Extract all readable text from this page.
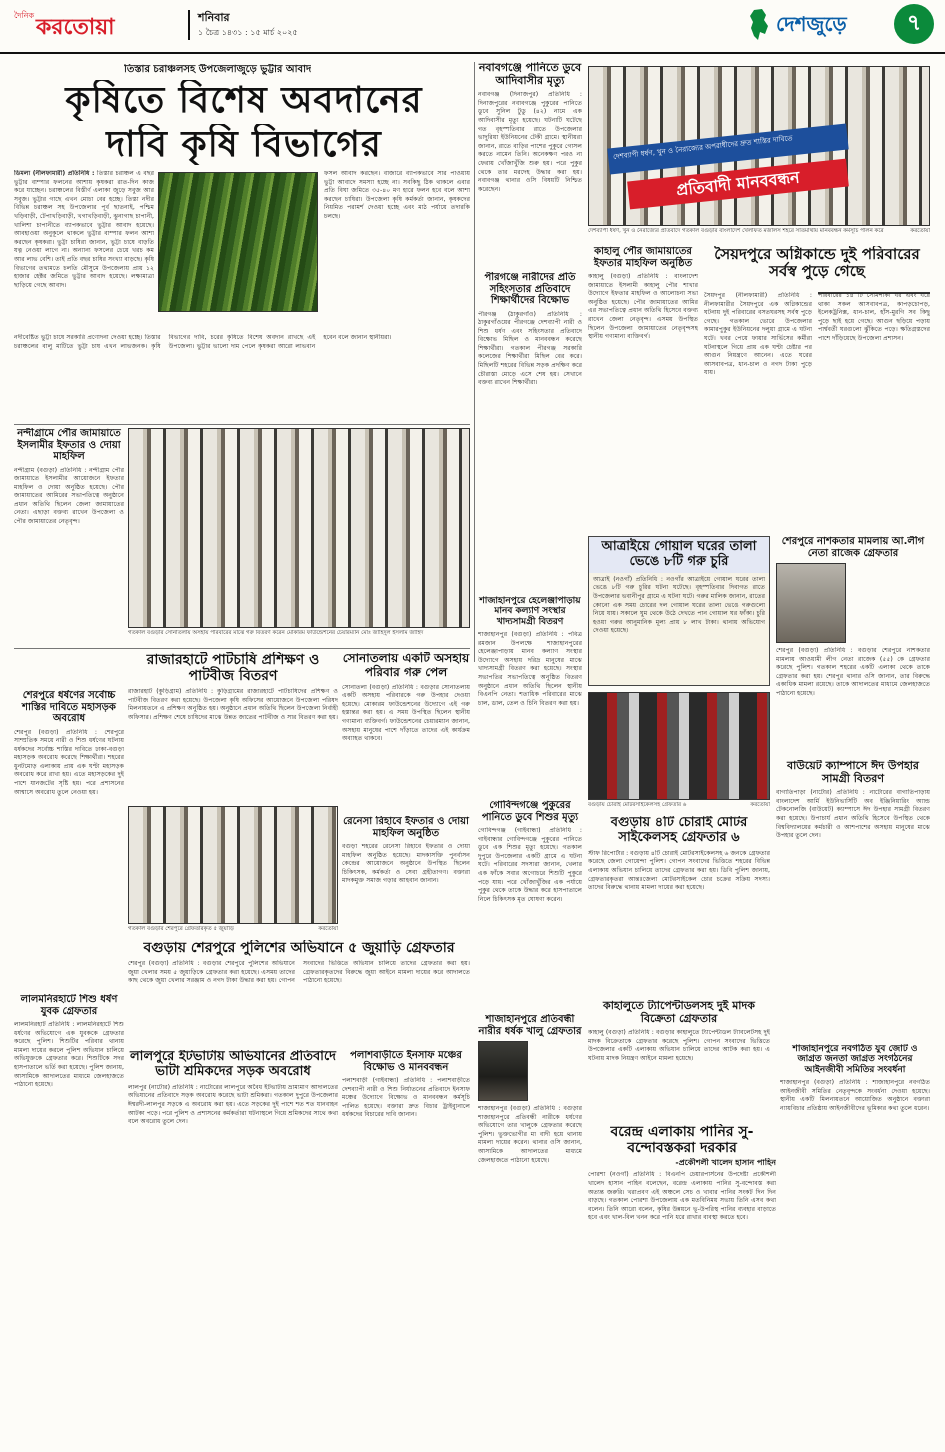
দৈনিক করতোয়া	শনিবার
১ চৈত্র ১৪৩১ : ১৫ মার্চ ২০২৫	দেশজুড়ে	৭
তিস্তার চরাঞ্চলসহ উপজেলাজুড়ে ভুট্টার আবাদ
কৃষিতে বিশেষ অবদানের
দাবি কৃষি বিভাগের
ডিমলা (নীলফামারী) প্রতিনিধি : তিস্তার চরাঞ্চল এ বছর ভুট্টার বাম্পার ফলনের আশায় কৃষকরা রাত-দিন কাজ করে যাচ্ছেন। চরাঞ্চলের বিস্তীর্ণ এলাকা জুড়ে সবুজ আর সবুজ। ভুট্টার গাছে এখন মোচা বের হচ্ছে। তিস্তা নদীর বিভিন্ন চরাঞ্চল সহ উপজেলার পূর্ব ছাতনাই, পশ্চিম খড়িবাড়ী, টেপাখড়িবাড়ী, খগাখড়িবাড়ী, ঝুনাগাছ চাপানী, খালিশা চাপানীতে ব্যাপকভাবে ভুট্টার আবাদ হয়েছে। আবহাওয়া অনুকূলে থাকলে ভুট্টার বাম্পার ফলন আশা করছেন কৃষকরা। ভুট্টা চাষিরা জানান, ভুট্টা চাষে বাড়তি যত্ন নেওয়া লাগে না। অন্যান্য ফসলের চেয়ে খরচ কম আর লাভ বেশি। তাই প্রতি বছর চাষির সংখ্যা বাড়ছে। কৃষি বিভাগের তথ্যমতে চলতি মৌসুমে উপজেলায় প্রায় ১২ হাজার হেক্টর জমিতে ভুট্টার আবাদ হয়েছে। লক্ষ্যমাত্রা ছাড়িয়ে গেছে আবাদ।
ফসল আবাদ করছেন। বাজারে ব্যাপকভাবে সার পাওয়ায় ভুট্টা আবাদে সমস্যা হচ্ছে না। সবকিছু ঠিক থাকলে এবার প্রতি বিঘা জমিতে ৩৫-৪০ মণ হারে ফলন হবে বলে আশা করছেন চাষিরা। উপজেলা কৃষি কর্মকর্তা জানান, কৃষকদের নিয়মিত পরামর্শ দেওয়া হচ্ছে এবং মাঠ পর্যায়ে তদারকি চলছে।
নদীবেষ্টিত ভুট্টা চাষে সরকারি প্রণোদনা দেওয়া হচ্ছে। তিস্তার চরাঞ্চলের বালু মাটিতে ভুট্টা চাষ এখন লাভজনক। কৃষি বিভাগের দাবি, চরের কৃষিতে বিশেষ অবদান রাখছে এই উপজেলা। ভুট্টার ভালো দাম পেলে কৃষকরা আরো লাভবান হবেন বলে জানান স্থানীয়রা।
নবাবগঞ্জে পানিতে ডুবে আদিবাসীর মৃত্যু
নবাবগঞ্জ (দিনাজপুর) প্রতিনিধি : দিনাজপুরের নবাবগঞ্জে পুকুরের পানিতে ডুবে সুনিল টুডু (৪২) নামে এক আদিবাসীর মৃত্যু হয়েছে। ঘটনাটি ঘটেছে গত বৃহস্পতিবার রাতে উপজেলার ভাদুরিয়া ইউনিয়নের টেকী গ্রামে। স্থানীয়রা জানান, রাতে বাড়ির পাশের পুকুরে গোসল করতে নামেন তিনি। অনেকক্ষণ পরও না ফেরায় খোঁজাখুঁজি শুরু হয়। পরে পুকুর থেকে তার মরদেহ উদ্ধার করা হয়। নবাবগঞ্জ থানার ওসি বিষয়টি নিশ্চিত করেছেন।
দেশব্যাপী ধর্ষণ, খুন ও নৈরাজ্যের অপরাধীদের দ্রুত শাস্তির দাবিতে
প্রতিবাদী মানববন্ধন
দেশব্যাপী ধর্ষণ, খুন ও নৈরাজ্যের প্রতিবাদে গতকাল বগুড়ার বাংলাদেশ খেলাফত মজলিস শহরে সাতমাথায় মানববন্ধন কর্মসূচি পালন করে	করতোয়া
কাহালু পৌর জামায়াতের ইফতার মাহফিল অনুষ্ঠিত
কাহালু (বগুড়া) প্রতিনিধি : বাংলাদেশ জামায়াতে ইসলামী কাহালু পৌর শাখার উদ্যোগে ইফতার মাহফিল ও আলোচনা সভা অনুষ্ঠিত হয়েছে। পৌর জামায়াতের আমির এর সভাপতিত্বে প্রধান অতিথি হিসেবে বক্তব্য রাখেন জেলা নেতৃবৃন্দ। এসময় উপস্থিত ছিলেন উপজেলা জামায়াতের নেতৃবৃন্দসহ স্থানীয় গণ্যমান্য ব্যক্তিবর্গ।
সৈয়দপুরে অগ্নিকান্ডে দুই পরিবারের সর্বস্ব পুড়ে গেছে
সৈয়দপুর (নীলফামারী) প্রতিনিধি : নীলফামারীর সৈয়দপুরে এক অগ্নিকান্ডের ঘটনায় দুই পরিবারের বসতঘরসহ সর্বস্ব পুড়ে গেছে। গতকাল ভোরে উপজেলার কামারপুকুর ইউনিয়নের দলুয়া গ্রামে এ ঘটনা ঘটে। খবর পেয়ে ফায়ার সার্ভিসের কর্মীরা ঘটনাস্থলে গিয়ে প্রায় এক ঘণ্টা চেষ্টার পর আগুন নিয়ন্ত্রণে আনেন। এতে ঘরের আসবাবপত্র, ধান-চাল ও নগদ টাকা পুড়ে যায়।
পরিবারের ১৪ টি সেমিপাকা ঘর এবং ঘরে থাকা সকল আসবাবপত্র, কাপড়চোপড়, ইলেকট্রনিক্স, ধান-চাল, হাঁস-মুরগি সব কিছু পুড়ে ছাই হয়ে গেছে। আগুন ছড়িয়ে পড়ায় পার্শ্ববর্তী ঘরগুলো ঝুঁকিতে পড়ে। ক্ষতিগ্রস্তদের পাশে দাঁড়িয়েছে উপজেলা প্রশাসন।
নন্দীগ্রামে পৌর জামায়াতে ইসলামীর ইফতার ও দোয়া মাহফিল
নন্দীগ্রাম (বগুড়া) প্রতিনিধি : নন্দীগ্রাম পৌর জামায়াতে ইসলামীর আয়োজনে ইফতার মাহফিল ও দোয়া অনুষ্ঠিত হয়েছে। পৌর জামায়াতের আমিরের সভাপতিত্বে অনুষ্ঠানে প্রধান অতিথি ছিলেন জেলা জামায়াতের নেতা। এছাড়া বক্তব্য রাখেন উপজেলা ও পৌর জামায়াতের নেতৃবৃন্দ।
গতকাল বগুড়ার সোনাতলায় অসহায় পরিবারের মাঝে গরু বিতরণ করেন মোকারম ফাউন্ডেশনের চেয়ারম্যান মোঃ জাহিদুল ইসলাম জাহিদ
পীরগঞ্জে নারীদের প্রতি সহিংসতার প্রতিবাদে শিক্ষার্থীদের বিক্ষোভ
পীরগঞ্জ (ঠাকুরগাঁও) প্রতিনিধি : ঠাকুরগাঁওয়ের পীরগঞ্জে দেশব্যাপী নারী ও শিশু ধর্ষণ এবং সহিংসতার প্রতিবাদে বিক্ষোভ মিছিল ও মানববন্ধন করেছে শিক্ষার্থীরা। গতকাল পীরগঞ্জ সরকারি কলেজের শিক্ষার্থীরা মিছিল বের করে। মিছিলটি শহরের বিভিন্ন সড়ক প্রদক্ষিণ করে চৌরাস্তা মোড়ে এসে শেষ হয়। সেখানে বক্তব্য রাখেন শিক্ষার্থীরা।
শাজাহানপুরে হেলেঞ্জাপাড়ায় মানব কল্যাণ সংস্থার খাদ্যসামগ্রী বিতরণ
শাজাহানপুর (বগুড়া) প্রতিনিধি : পবিত্র রমজান উপলক্ষে শাজাহানপুরের হেলেঞ্জাপাড়ায় মানব কল্যাণ সংস্থার উদ্যোগে অসহায় দরিদ্র মানুষের মাঝে খাদ্যসামগ্রী বিতরণ করা হয়েছে। সংস্থার সভাপতির সভাপতিত্বে অনুষ্ঠিত বিতরণ অনুষ্ঠানে প্রধান অতিথি ছিলেন স্থানীয় বিএনপি নেতা। শতাধিক পরিবারের মাঝে চাল, ডাল, তেল ও চিনি বিতরণ করা হয়।
আত্রাইয়ে গোয়াল ঘরের তালা ভেঙে ৮টি গরু চুরি
আত্রাই (নওগাঁ) প্রতিনিধি : নওগাঁর আত্রাইয়ে গোয়াল ঘরের তালা ভেঙে ৮টি গরু চুরির ঘটনা ঘটেছে। বৃহস্পতিবার দিবাগত রাতে উপজেলার ভবানীপুর গ্রামে এ ঘটনা ঘটে। গরুর মালিক জানান, রাতের কোনো এক সময় চোরের দল গোয়াল ঘরের তালা ভেঙে গরুগুলো নিয়ে যায়। সকালে ঘুম থেকে উঠে দেখতে পান গোয়াল ঘর ফাঁকা। চুরি হওয়া গরুর আনুমানিক মূল্য প্রায় ৮ লাখ টাকা। থানায় অভিযোগ দেওয়া হয়েছে।
শেরপুরে নাশকতার মামলায় আ.লীগ নেতা রাজেক গ্রেফতার
শেরপুর (বগুড়া) প্রতিনিধি : বগুড়ার শেরপুরে নাশকতার মামলায় আওয়ামী লীগ নেতা রাজেক (৫৫) কে গ্রেফতার করেছে পুলিশ। গতকাল শহরের একটি এলাকা থেকে তাকে গ্রেফতার করা হয়। শেরপুর থানার ওসি জানান, তার বিরুদ্ধে একাধিক মামলা রয়েছে। তাকে আদালতের মাধ্যমে জেলহাজতে পাঠানো হয়েছে।
রাজারহাটে পাটচাষি প্রশিক্ষণ ও পাটবীজ বিতরণ
রাজারহাট (কুড়িগ্রাম) প্রতিনিধি : কুড়িগ্রামের রাজারহাটে পাটচাষিদের প্রশিক্ষণ ও পাটবীজ বিতরণ করা হয়েছে। উপজেলা কৃষি অফিসের আয়োজনে উপজেলা পরিষদ মিলনায়তনে এ প্রশিক্ষণ অনুষ্ঠিত হয়। অনুষ্ঠানে প্রধান অতিথি ছিলেন উপজেলা নির্বাহী অফিসার। প্রশিক্ষণ শেষে চাষিদের মাঝে উন্নত জাতের পাটবীজ ও সার বিতরণ করা হয়।
সোনাতলায় একটি অসহায় পরিবার গরু পেল
সোনাতলা (বগুড়া) প্রতিনিধি : বগুড়ার সোনাতলায় একটি অসহায় পরিবারকে গরু উপহার দেওয়া হয়েছে। মোকারম ফাউন্ডেশনের উদ্যোগে এই গরু হস্তান্তর করা হয়। এ সময় উপস্থিত ছিলেন স্থানীয় গণ্যমান্য ব্যক্তিবর্গ। ফাউন্ডেশনের চেয়ারম্যান জানান, অসহায় মানুষের পাশে দাঁড়াতে তাদের এই কার্যক্রম অব্যাহত থাকবে।
শেরপুরে ধর্ষণের সর্বোচ্চ শাস্তির দাবিতে মহাসড়ক অবরোধ
শেরপুর (বগুড়া) প্রতিনিধি : শেরপুরে সাম্প্রতিক সময়ে নারী ও শিশু ধর্ষণের ঘটনায় ধর্ষকদের সর্বোচ্চ শাস্তির দাবিতে ঢাকা-বগুড়া মহাসড়ক অবরোধ করেছে শিক্ষার্থীরা। শহরের ধুনটমোড় এলাকায় প্রায় এক ঘণ্টা মহাসড়ক অবরোধ করে রাখা হয়। এতে মহাসড়কের দুই পাশে যানজটের সৃষ্টি হয়। পরে প্রশাসনের আশ্বাসে অবরোধ তুলে নেওয়া হয়।
গতকাল বগুড়ার শেরপুরে গ্রেফতারকৃত ৫ জুয়াড়ি	করতোয়া
বগুড়ায় শেরপুরে পুলিশের অভিযানে ৫ জুয়াড়ি গ্রেফতার
শেরপুর (বগুড়া) প্রতিনিধি : বগুড়ার শেরপুরে পুলিশের অভিযানে জুয়া খেলার সময় ৫ জুয়াড়িকে গ্রেফতার করা হয়েছে। এসময় তাদের কাছ থেকে জুয়া খেলার সরঞ্জাম ও নগদ টাকা উদ্ধার করা হয়। গোপন সংবাদের ভিত্তিতে অভিযান চালিয়ে তাদের গ্রেফতার করা হয়। গ্রেফতারকৃতদের বিরুদ্ধে জুয়া আইনে মামলা দায়ের করে আদালতে পাঠানো হয়েছে।
রেনেসা রিহাবে ইফতার ও দোয়া মাহফিল অনুষ্ঠিত
বগুড়া শহরের রেনেসা রিহাবে ইফতার ও দোয়া মাহফিল অনুষ্ঠিত হয়েছে। মাদকাসক্তি পুনর্বাসন কেন্দ্রের আয়োজনে অনুষ্ঠানে উপস্থিত ছিলেন চিকিৎসক, কর্মকর্তা ও সেবা গ্রহীতাগণ। বক্তারা মাদকমুক্ত সমাজ গড়ার আহবান জানান।
গোবিন্দগঞ্জে পুকুরের পানিতে ডুবে শিশুর মৃত্যু
গোবিন্দগঞ্জ (গাইবান্ধা) প্রতিনিধি : গাইবান্ধার গোবিন্দগঞ্জে পুকুরের পানিতে ডুবে এক শিশুর মৃত্যু হয়েছে। গতকাল দুপুরে উপজেলার একটি গ্রামে এ ঘটনা ঘটে। পরিবারের সদস্যরা জানান, খেলার এক ফাঁকে সবার অগোচরে শিশুটি পুকুরে পড়ে যায়। পরে খোঁজাখুঁজির এক পর্যায়ে পুকুর থেকে তাকে উদ্ধার করে হাসপাতালে নিলে চিকিৎসক মৃত ঘোষণা করেন।
বগুড়ায় চোরাই মোটরসাইকেলসহ গ্রেফতার ৬	করতোয়া
বগুড়ায় ৪টি চোরাই মোটর সাইকেলসহ গ্রেফতার ৬
স্টাফ রিপোর্টার : বগুড়ায় ৪টি চোরাই মোটরসাইকেলসহ ৬ জনকে গ্রেফতার করেছে জেলা গোয়েন্দা পুলিশ। গোপন সংবাদের ভিত্তিতে শহরের বিভিন্ন এলাকায় অভিযান চালিয়ে তাদের গ্রেফতার করা হয়। ডিবি পুলিশ জানায়, গ্রেফতারকৃতরা আন্তঃজেলা মোটরসাইকেল চোর চক্রের সক্রিয় সদস্য। তাদের বিরুদ্ধে থানায় মামলা দায়ের করা হয়েছে।
কাহালুতে ট্যাপেন্টাডলসহ দুই মাদক বিক্রেতা গ্রেফতার
কাহালু (বগুড়া) প্রতিনিধি : বগুড়ার কাহালুতে ট্যাপেন্টাডল ট্যাবলেটসহ দুই মাদক বিক্রেতাকে গ্রেফতার করেছে পুলিশ। গোপন সংবাদের ভিত্তিতে উপজেলার একটি এলাকায় অভিযান চালিয়ে তাদের আটক করা হয়। এ ঘটনায় মাদক নিয়ন্ত্রণ আইনে মামলা হয়েছে।
বাউয়েট ক্যাম্পাসে ঈদ উপহার সামগ্রী বিতরণ
বাগাতিপাড়া (নাটোর) প্রতিনিধি : নাটোরের বাগাতিপাড়ায় বাংলাদেশ আর্মি ইউনিভার্সিটি অব ইঞ্জিনিয়ারিং অ্যান্ড টেকনোলজি (বাউয়েট) ক্যাম্পাসে ঈদ উপহার সামগ্রী বিতরণ করা হয়েছে। উপাচার্য প্রধান অতিথি হিসেবে উপস্থিত থেকে বিশ্ববিদ্যালয়ের কর্মচারী ও আশপাশের অসহায় মানুষের মাঝে উপহার তুলে দেন।
লালমনিরহাটে শিশু ধর্ষণ যুবক গ্রেফতার
লালমনিরহাট প্রতিনিধি : লালমনিরহাটে শিশু ধর্ষণের অভিযোগে এক যুবককে গ্রেফতার করেছে পুলিশ। শিশুটির পরিবার থানায় মামলা দায়ের করলে পুলিশ অভিযান চালিয়ে অভিযুক্তকে গ্রেফতার করে। শিশুটিকে সদর হাসপাতালে ভর্তি করা হয়েছে। পুলিশ জানায়, আসামিকে আদালতের মাধ্যমে জেলহাজতে পাঠানো হয়েছে।
পলাশবাড়ীতে ইনসাফ মঞ্চের বিক্ষোভ ও মানববন্ধন
পলাশবাড়ী (গাইবান্ধা) প্রতিনিধি : পলাশবাড়ীতে দেশব্যাপী নারী ও শিশু নির্যাতনের প্রতিবাদে ইনসাফ মঞ্চের উদ্যোগে বিক্ষোভ ও মানববন্ধন কর্মসূচি পালিত হয়েছে। বক্তারা দ্রুত বিচার ট্রাইব্যুনালে ধর্ষকদের বিচারের দাবি জানান।
শাজাহানপুরে প্রতিবন্ধী নারীর ধর্ষক খালু গ্রেফতার
শাজাহানপুর (বগুড়া) প্রতিনিধি : বগুড়ার শাজাহানপুরে প্রতিবন্ধী নারীকে ধর্ষণের অভিযোগে তার খালুকে গ্রেফতার করেছে পুলিশ। ভুক্তভোগীর মা বাদী হয়ে থানায় মামলা দায়ের করেন। থানার ওসি জানান, আসামিকে আদালতের মাধ্যমে জেলহাজতে পাঠানো হয়েছে।
লালপুরে ইটভাটায় অভিযানের প্রতিবাদে ভাটা শ্রমিকদের সড়ক অবরোধ
লালপুর (নাটোর) প্রতিনিধি : নাটোরের লালপুরে অবৈধ ইটভাটায় ভ্রাম্যমাণ আদালতের অভিযানের প্রতিবাদে সড়ক অবরোধ করেছে ভাটা শ্রমিকরা। গতকাল দুপুরে উপজেলার ঈশ্বরদী-লালপুর সড়কে এ অবরোধ করা হয়। এতে সড়কের দুই পাশে শত শত যানবাহন আটকা পড়ে। পরে পুলিশ ও প্রশাসনের কর্মকর্তারা ঘটনাস্থলে গিয়ে শ্রমিকদের সাথে কথা বলে অবরোধ তুলে দেন।
বরেন্দ্র এলাকায় পানির সু-বন্দোবস্তকরা দরকার
-প্রকৌশলী খালেদ হাসান পাহিন
পোরশা (নওগাঁ) প্রতিনিধি : বিএনপি চেয়ারপার্সনের উপদেষ্টা প্রকৌশলী খালেদ হাসান পাহিন বলেছেন, বরেন্দ্র এলাকায় পানির সু-বন্দোবস্ত করা অত্যন্ত জরুরি। খরাপ্রবণ এই অঞ্চলে সেচ ও খাবার পানির সংকট দিন দিন বাড়ছে। গতকাল পোরশা উপজেলায় এক মতবিনিময় সভায় তিনি এসব কথা বলেন। তিনি আরো বলেন, কৃষির উন্নয়নে ভূ-উপরিস্থ পানির ব্যবহার বাড়াতে হবে এবং খাল-বিল খনন করে পানি ধরে রাখার ব্যবস্থা করতে হবে।
শাজাহানপুরে নবগঠিত যুব জোট ও জাগ্রত জনতা জাগ্রত সংগঠনের আইনজীবী সমিতির সংবর্ধনা
শাজাহানপুর (বগুড়া) প্রতিনিধি : শাজাহানপুরে নবগঠিত আইনজীবী সমিতির নেতৃবৃন্দকে সংবর্ধনা দেওয়া হয়েছে। স্থানীয় একটি মিলনায়তনে আয়োজিত অনুষ্ঠানে বক্তারা ন্যায়বিচার প্রতিষ্ঠায় আইনজীবীদের ভূমিকার কথা তুলে ধরেন।
